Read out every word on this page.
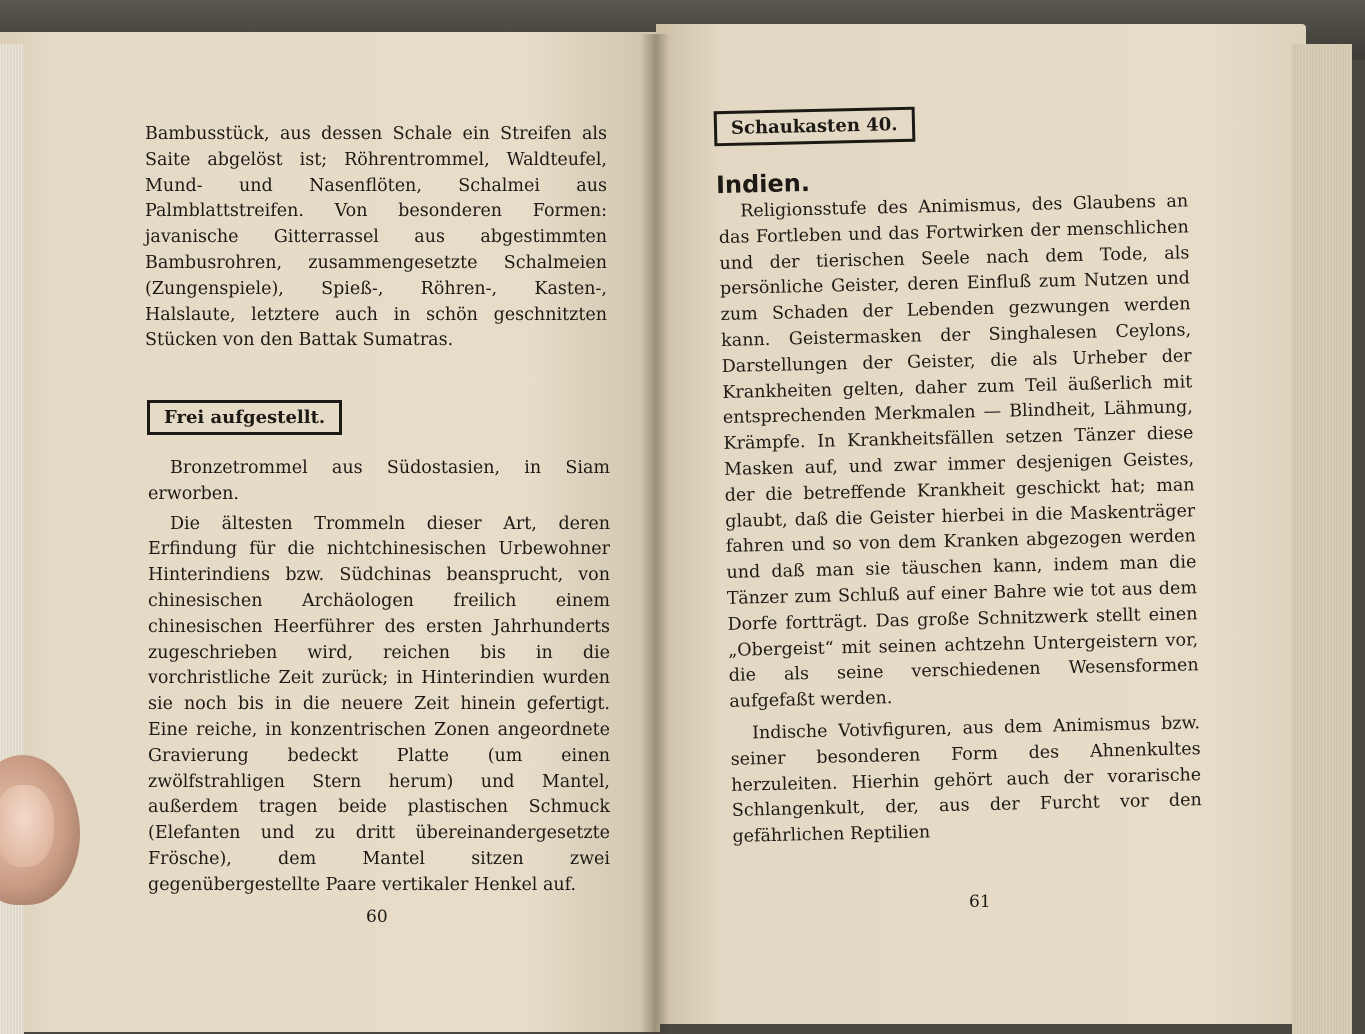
Bambusstück, aus dessen Schale ein Streifen als Saite abgelöst ist; Röhrentrommel, Waldteufel, Mund- und Nasenflöten, Schalmei aus Palmblattstreifen. Von besonderen Formen: javanische Gitterrassel aus abgestimmten Bambusrohren, zusammengesetzte Schalmeien (Zungenspiele), Spieß-, Röhren-, Kasten-, Halslaute, letztere auch in schön geschnitzten Stücken von den Battak Sumatras.

Frei aufgestellt.

Bronzetrommel aus Südostasien, in Siam erworben.

Die ältesten Trommeln dieser Art, deren Erfindung für die nichtchinesischen Urbewohner Hinterindiens bzw. Südchinas beansprucht, von chinesischen Archäologen freilich einem chinesischen Heerführer des ersten Jahrhunderts zugeschrieben wird, reichen bis in die vorchristliche Zeit zurück; in Hinterindien wurden sie noch bis in die neuere Zeit hinein gefertigt. Eine reiche, in konzentrischen Zonen angeordnete Gravierung bedeckt Platte (um einen zwölfstrahligen Stern herum) und Mantel, außerdem tragen beide plastischen Schmuck (Elefanten und zu dritt übereinandergesetzte Frösche), dem Mantel sitzen zwei gegenübergestellte Paare vertikaler Henkel auf.

60
Schaukasten 40.
Indien.

Religionsstufe des Animismus, des Glaubens an das Fortleben und das Fortwirken der menschlichen und der tierischen Seele nach dem Tode, als persönliche Geister, deren Einfluß zum Nutzen und zum Schaden der Lebenden gezwungen werden kann. Geistermasken der Singhalesen Ceylons, Darstellungen der Geister, die als Urheber der Krankheiten gelten, daher zum Teil äußerlich mit entsprechenden Merkmalen — Blindheit, Lähmung, Krämpfe. In Krankheitsfällen setzen Tänzer diese Masken auf, und zwar immer desjenigen Geistes, der die betreffende Krankheit geschickt hat; man glaubt, daß die Geister hierbei in die Maskenträger fahren und so von dem Kranken abgezogen werden und daß man sie täuschen kann, indem man die Tänzer zum Schluß auf einer Bahre wie tot aus dem Dorfe fortträgt. Das große Schnitzwerk stellt einen „Obergeist“ mit seinen achtzehn Untergeistern vor, die als seine verschiedenen Wesensformen aufgefaßt werden.

Indische Votivfiguren, aus dem Animismus bzw. seiner besonderen Form des Ahnenkultes herzuleiten. Hierhin gehört auch der vorarische Schlangenkult, der, aus der Furcht vor den gefährlichen Reptilien

61
